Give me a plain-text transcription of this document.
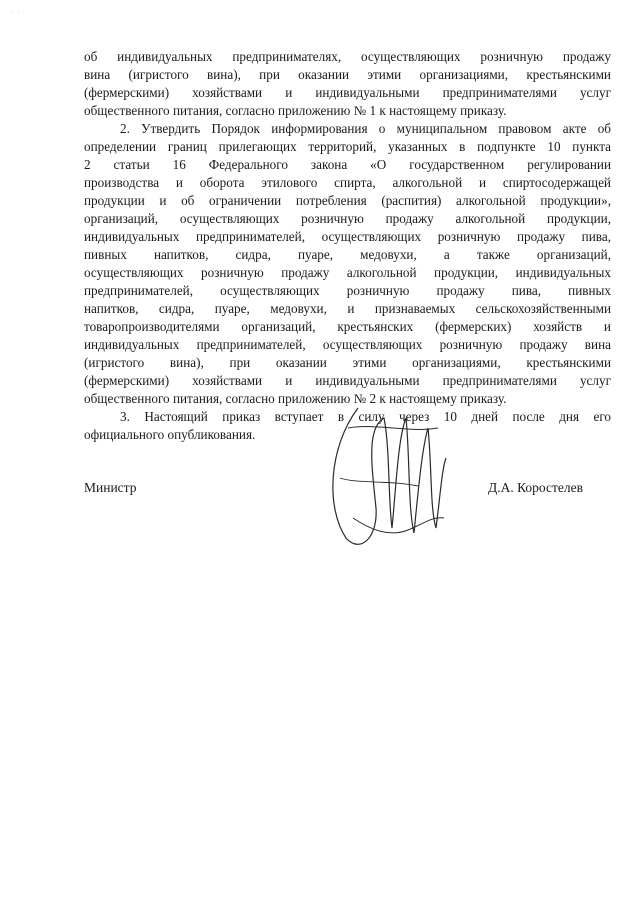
· ·
об индивидуальных предпринимателях, осуществляющих розничную продажу
вина (игристого вина), при оказании этими организациями, крестьянскими
(фермерскими) хозяйствами и индивидуальными предпринимателями услуг
общественного питания, согласно приложению № 1 к настоящему приказу.
2. Утвердить Порядок информирования о муниципальном правовом акте об
определении границ прилегающих территорий, указанных в подпункте 10 пункта
2 статьи 16 Федерального закона «О государственном регулировании
производства и оборота этилового спирта, алкогольной и спиртосодержащей
продукции и об ограничении потребления (распития) алкогольной продукции»,
организаций, осуществляющих розничную продажу алкогольной продукции,
индивидуальных предпринимателей, осуществляющих розничную продажу пива,
пивных напитков, сидра, пуаре, медовухи, а также организаций,
осуществляющих розничную продажу алкогольной продукции, индивидуальных
предпринимателей, осуществляющих розничную продажу пива, пивных
напитков, сидра, пуаре, медовухи, и признаваемых сельскохозяйственными
товаропроизводителями организаций, крестьянских (фермерских) хозяйств и
индивидуальных предпринимателей, осуществляющих розничную продажу вина
(игристого вина), при оказании этими организациями, крестьянскими
(фермерскими) хозяйствами и индивидуальными предпринимателями услуг
общественного питания, согласно приложению № 2 к настоящему приказу.
3. Настоящий приказ вступает в силу через 10 дней после дня его
официального опубликования.
Министр	Д.А. Коростелев
